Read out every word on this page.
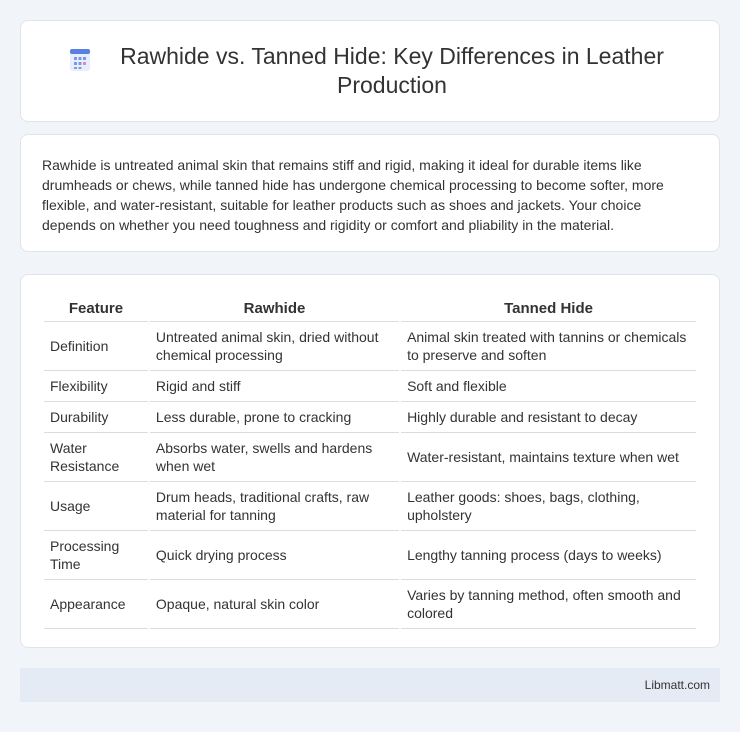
Rawhide vs. Tanned Hide: Key Differences in Leather Production

Rawhide is untreated animal skin that remains stiff and rigid, making it ideal for durable items like drumheads or chews, while tanned hide has undergone chemical processing to become softer, more flexible, and water-resistant, suitable for leather products such as shoes and jackets. Your choice depends on whether you need toughness and rigidity or comfort and pliability in the material.

Feature	Rawhide	Tanned Hide
Definition	Untreated animal skin, dried without chemical processing	Animal skin treated with tannins or chemicals to preserve and soften
Flexibility	Rigid and stiff	Soft and flexible
Durability	Less durable, prone to cracking	Highly durable and resistant to decay
Water Resistance	Absorbs water, swells and hardens when wet	Water-resistant, maintains texture when wet
Usage	Drum heads, traditional crafts, raw material for tanning	Leather goods: shoes, bags, clothing, upholstery
Processing Time	Quick drying process	Lengthy tanning process (days to weeks)
Appearance	Opaque, natural skin color	Varies by tanning method, often smooth and colored
Libmatt.com
